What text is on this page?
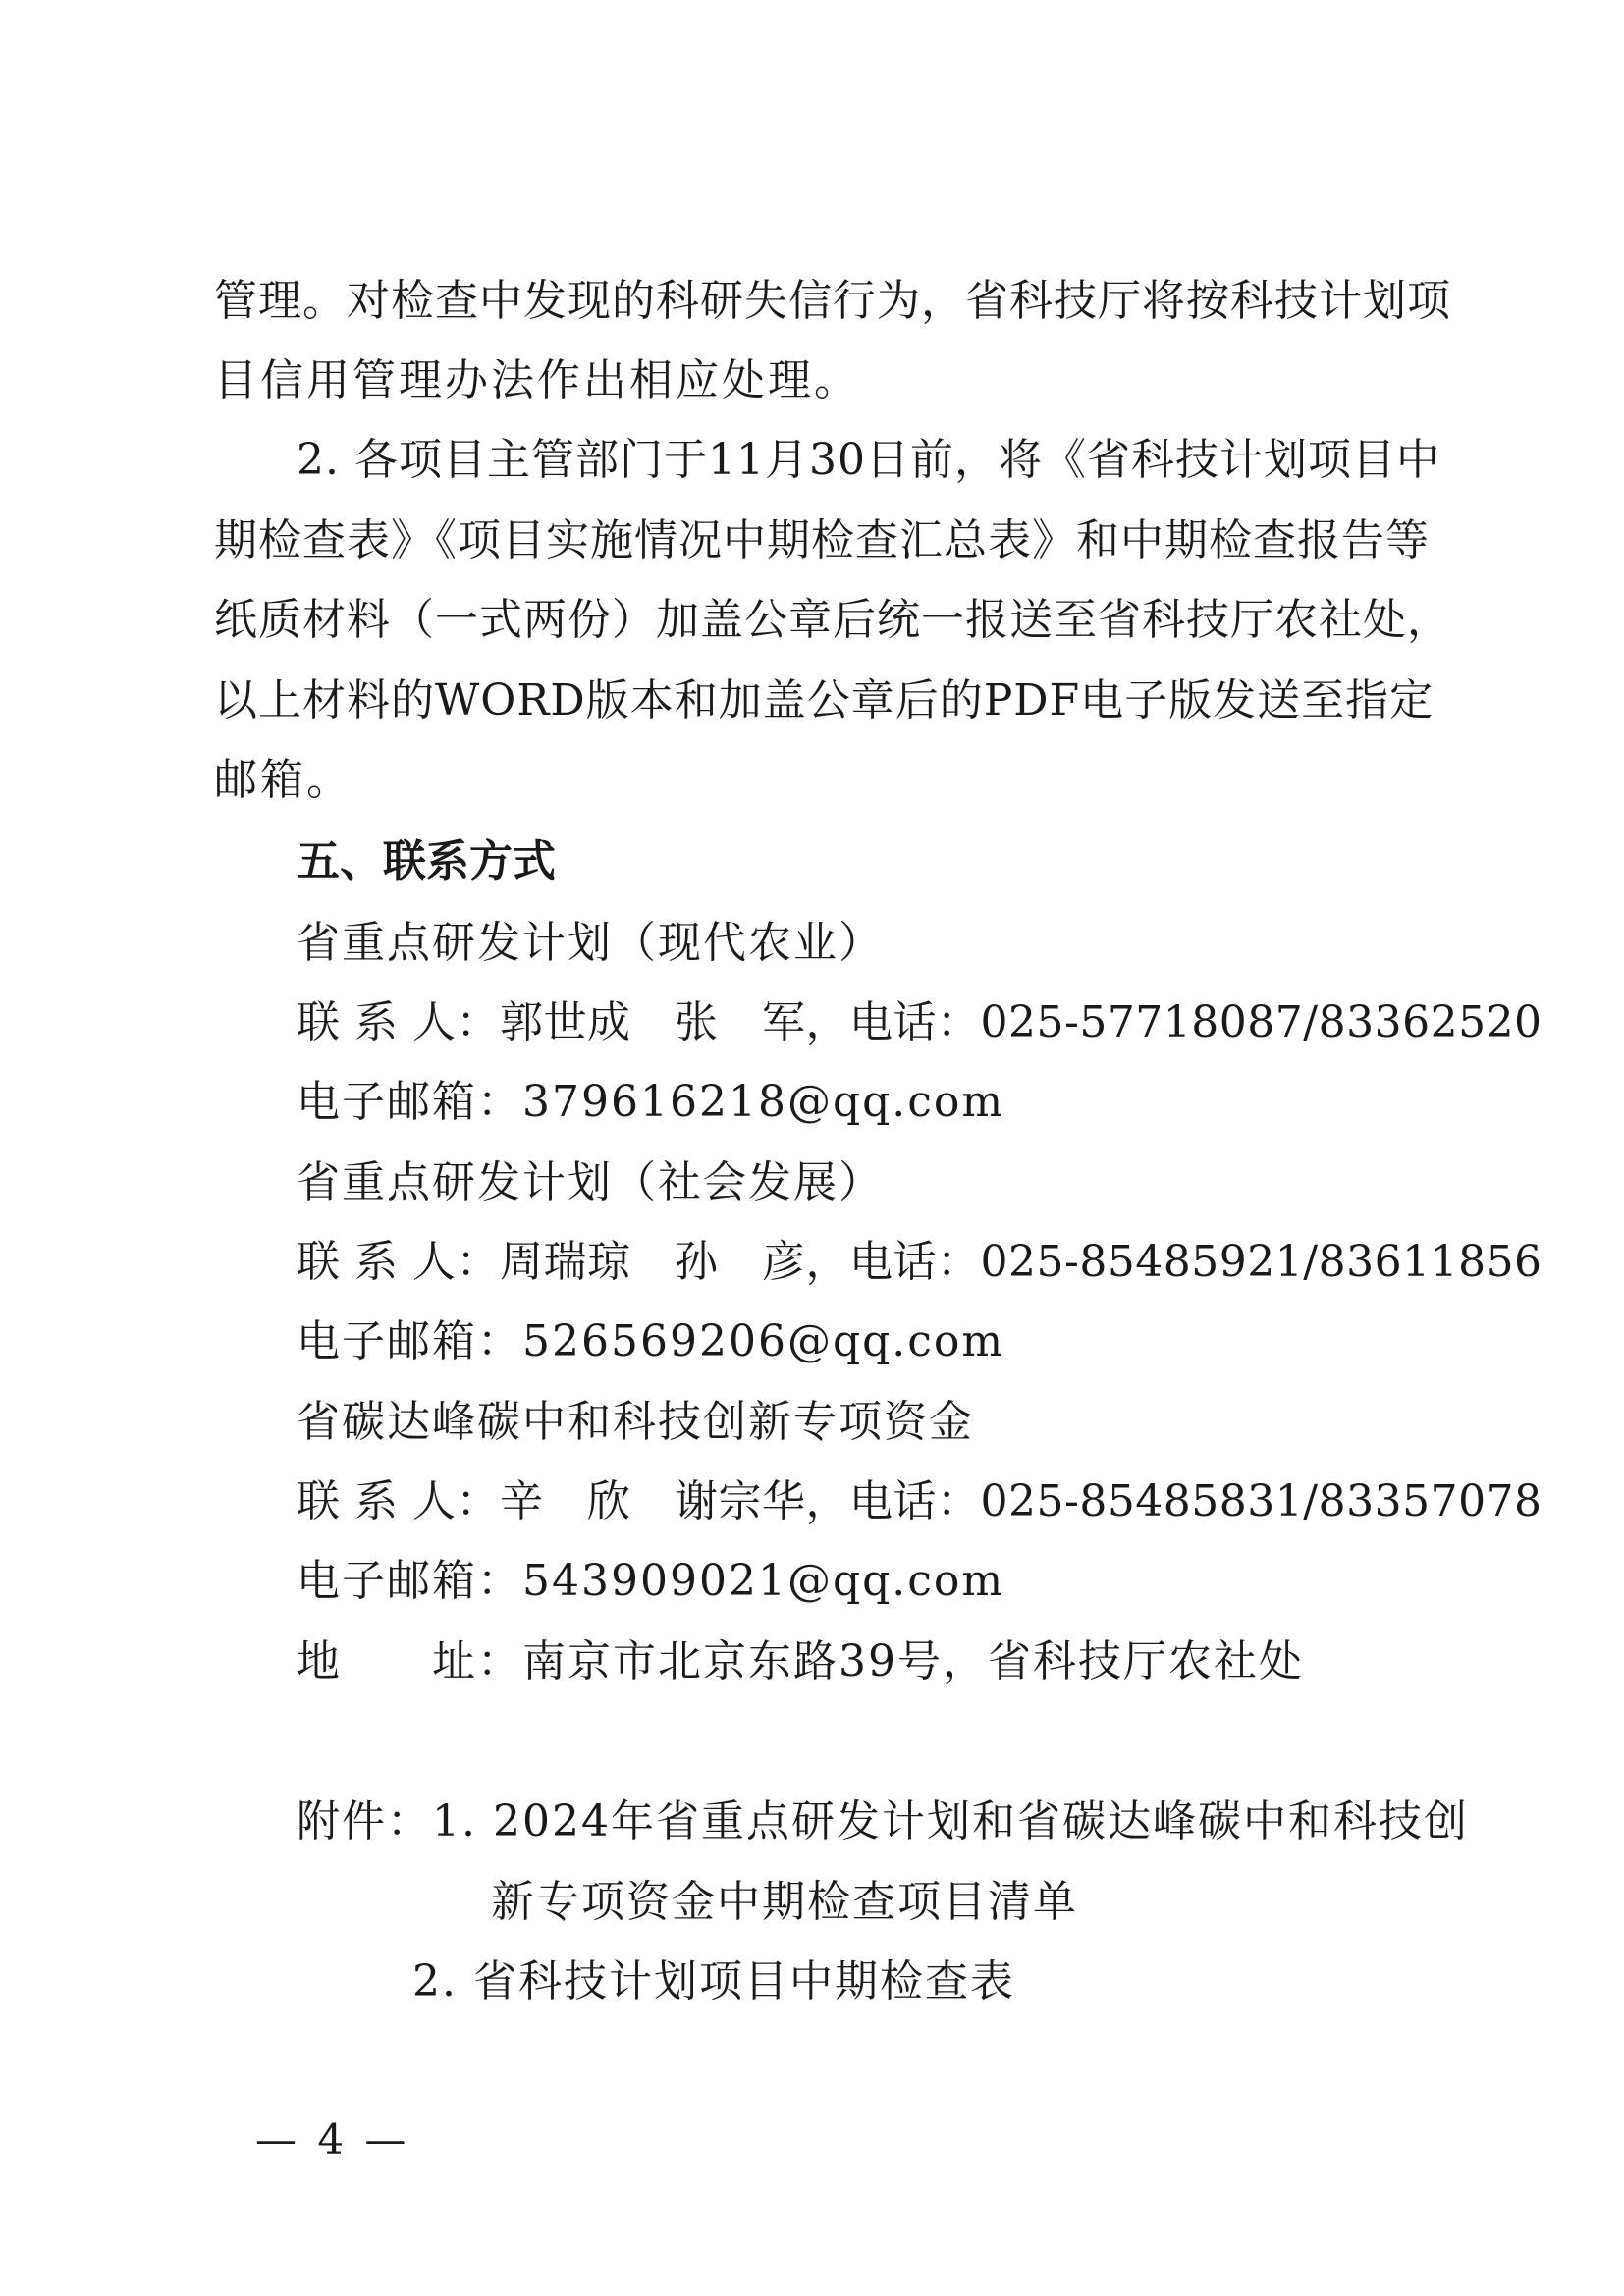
管理。对检查中发现的科研失信行为，省科技厅将按科技计划项
目信用管理办法作出相应处理。
2. 各项目主管部门于11月30日前，将《省科技计划项目中
期检查表》《项目实施情况中期检查汇总表》和中期检查报告等
纸质材料（一式两份）加盖公章后统一报送至省科技厅农社处，
以上材料的WORD版本和加盖公章后的PDF电子版发送至指定
邮箱。
五、联系方式
省重点研发计划（现代农业）
联 系 人：郭世成　张　军，电话：025-57718087/83362520
电子邮箱：379616218@qq.com
省重点研发计划（社会发展）
联 系 人：周瑞琼　孙　彦，电话：025-85485921/83611856
电子邮箱：526569206@qq.com
省碳达峰碳中和科技创新专项资金
联 系 人：辛　欣　谢宗华，电话：025-85485831/83357078
电子邮箱：543909021@qq.com
地　　址：南京市北京东路39号，省科技厅农社处
附件：1. 2024年省重点研发计划和省碳达峰碳中和科技创
新专项资金中期检查项目清单
2. 省科技计划项目中期检查表
— 4 —
